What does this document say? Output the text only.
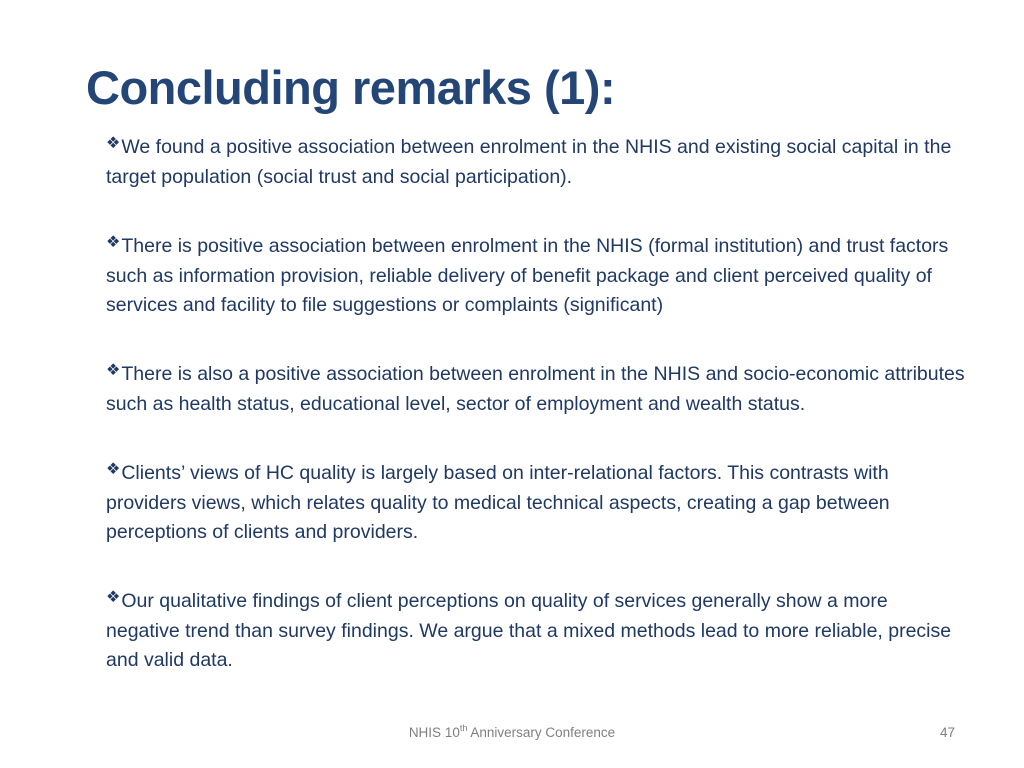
Concluding remarks (1):
❖We found a positive association between enrolment in the NHIS and existing social capital in the target population (social trust and social participation).
❖There is positive association between enrolment in the NHIS (formal institution) and trust factors such as information provision, reliable delivery of benefit package and client perceived quality of services and facility to file suggestions or complaints (significant)
❖There is also a positive association between enrolment in the NHIS and socio-economic attributes such as health status, educational level, sector of employment and wealth status.
❖Clients’ views of HC quality is largely based on inter-relational factors. This contrasts with providers views, which relates quality to medical technical aspects, creating a gap between perceptions of clients and providers.
❖Our qualitative findings of client perceptions on quality of services generally show a more negative trend than survey findings. We argue that a mixed methods lead to more reliable, precise and valid data.
NHIS 10th Anniversary Conference	47
